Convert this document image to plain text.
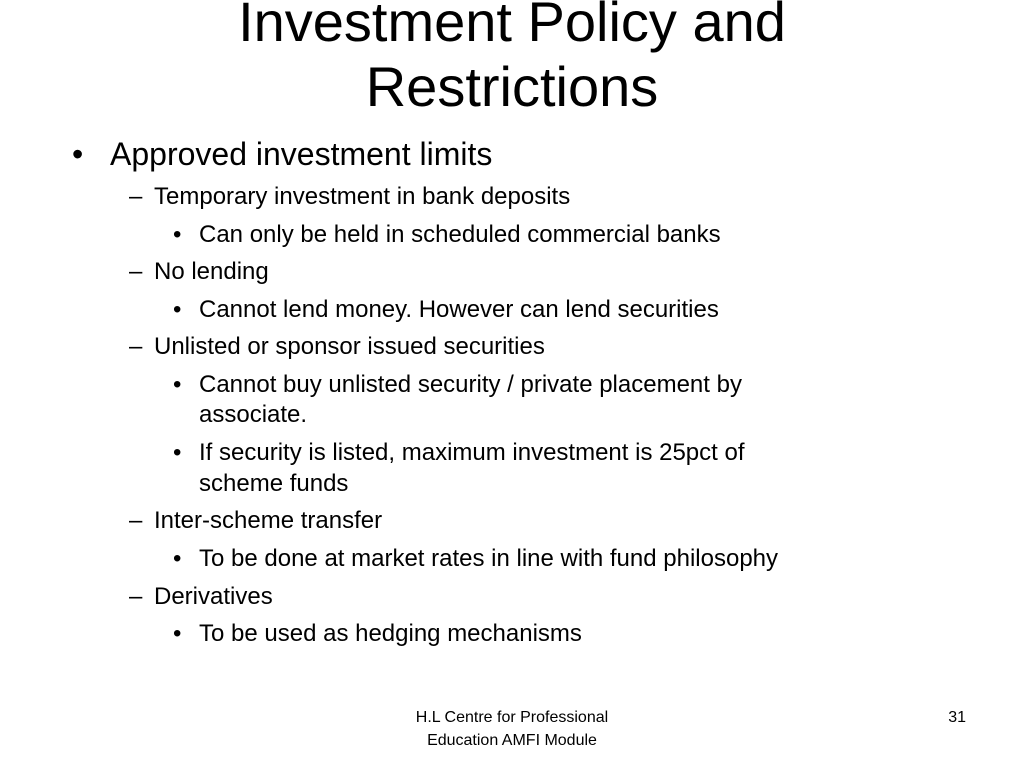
Investment Policy and
Restrictions
• Approved investment limits
– Temporary investment in bank deposits
• Can only be held in scheduled commercial banks
– No lending
• Cannot lend money. However can lend securities
– Unlisted or sponsor issued securities
• Cannot buy unlisted security / private placement by
associate.
• If security is listed, maximum investment is 25pct of
scheme funds
– Inter-scheme transfer
• To be done at market rates in line with fund philosophy
– Derivatives
• To be used as hedging mechanisms
H.L Centre for Professional
Education AMFI Module
31
